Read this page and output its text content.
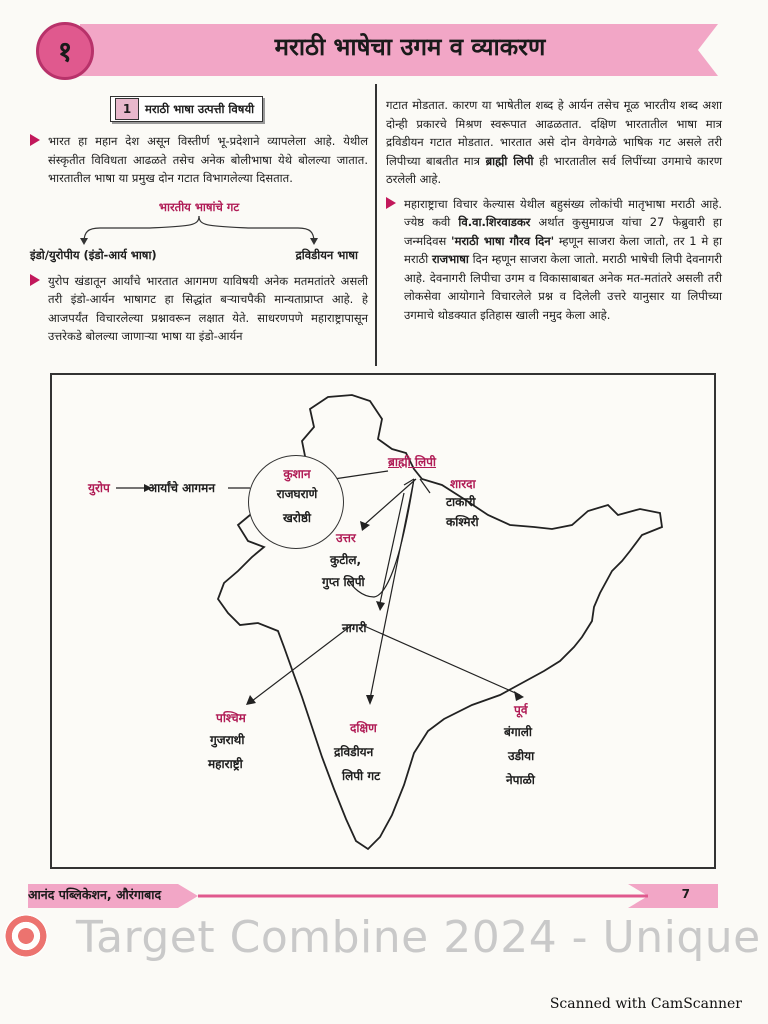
१	मराठी भाषेचा उगम व व्याकरण
1	मराठी भाषा उत्पत्ती विषयी

भारत हा महान देश असून विस्तीर्ण भू-प्रदेशाने व्यापलेला आहे. येथील संस्कृतीत विविधता आढळते तसेच अनेक बोलीभाषा येथे बोलल्या जातात. भारतातील भाषा या प्रमुख दोन गटात विभागलेल्या दिसतात.

भारतीय भाषांचे गट
इंडो/युरोपीय (इंडो-आर्य भाषा)	द्रविडीयन भाषा

युरोप खंडातून आर्यांचे भारतात आगमण याविषयी अनेक मतमतांतरे असली तरी इंडो-आर्यन भाषागट हा सिद्धांत बऱ्याचपैकी मान्यताप्राप्त आहे. हे आजपर्यंत विचारलेल्या प्रश्नावरून लक्षात येते. साधरणपणे महाराष्ट्रापासून उत्तरेकडे बोलल्या जाणाऱ्या भाषा या इंडो-आर्यन

गटात मोडतात. कारण या भाषेतील शब्द हे आर्यन तसेच मूळ भारतीय शब्द अशा दोन्ही प्रकारचे मिश्रण स्वरूपात आढळतात. दक्षिण भारतातील भाषा मात्र द्रविडीयन गटात मोडतात. भारतात असे दोन वेगवेगळे भाषिक गट असले तरी लिपीच्या बाबतीत मात्र ब्राह्मी लिपी ही भारतातील सर्व लिपींच्या उगमाचे कारण ठरलेली आहे.

महाराष्ट्राचा विचार केल्यास येथील बहुसंख्य लोकांची मातृभाषा मराठी आहे. ज्येष्ठ कवी वि.वा.शिरवाडकर अर्थात कुसुमाग्रज यांचा 27 फेब्रुवारी हा जन्मदिवस 'मराठी भाषा गौरव दिन' म्हणून साजरा केला जातो, तर 1 मे हा मराठी राजभाषा दिन म्हणून साजरा केला जातो. मराठी भाषेची लिपी देवनागरी आहे. देवनागरी लिपीचा उगम व विकासाबाबत अनेक मत-मतांतरे असली तरी लोकसेवा आयोगाने विचारलेले प्रश्न व दिलेली उत्तरे यानुसार या लिपीच्या उगमाचे थोडक्यात इतिहास खाली नमुद केला आहे.

युरोप	आर्यांचे आगमन
कुशान
राजघराणे
खरोष्ठी
ब्राह्मी लिपी
शारदा
टाकारी
कश्मिरी
उत्तर
कुटील,
गुप्त लिपी
नागरी
पश्चिम
गुजराथी
महाराष्ट्री
दक्षिण
द्रविडीयन
लिपी गट
पूर्व
बंगाली
उडीया
नेपाळी
आनंद पब्लिकेशन, औरंगाबाद	7
Target Combine 2024 - Unique
Scanned with CamScanner
